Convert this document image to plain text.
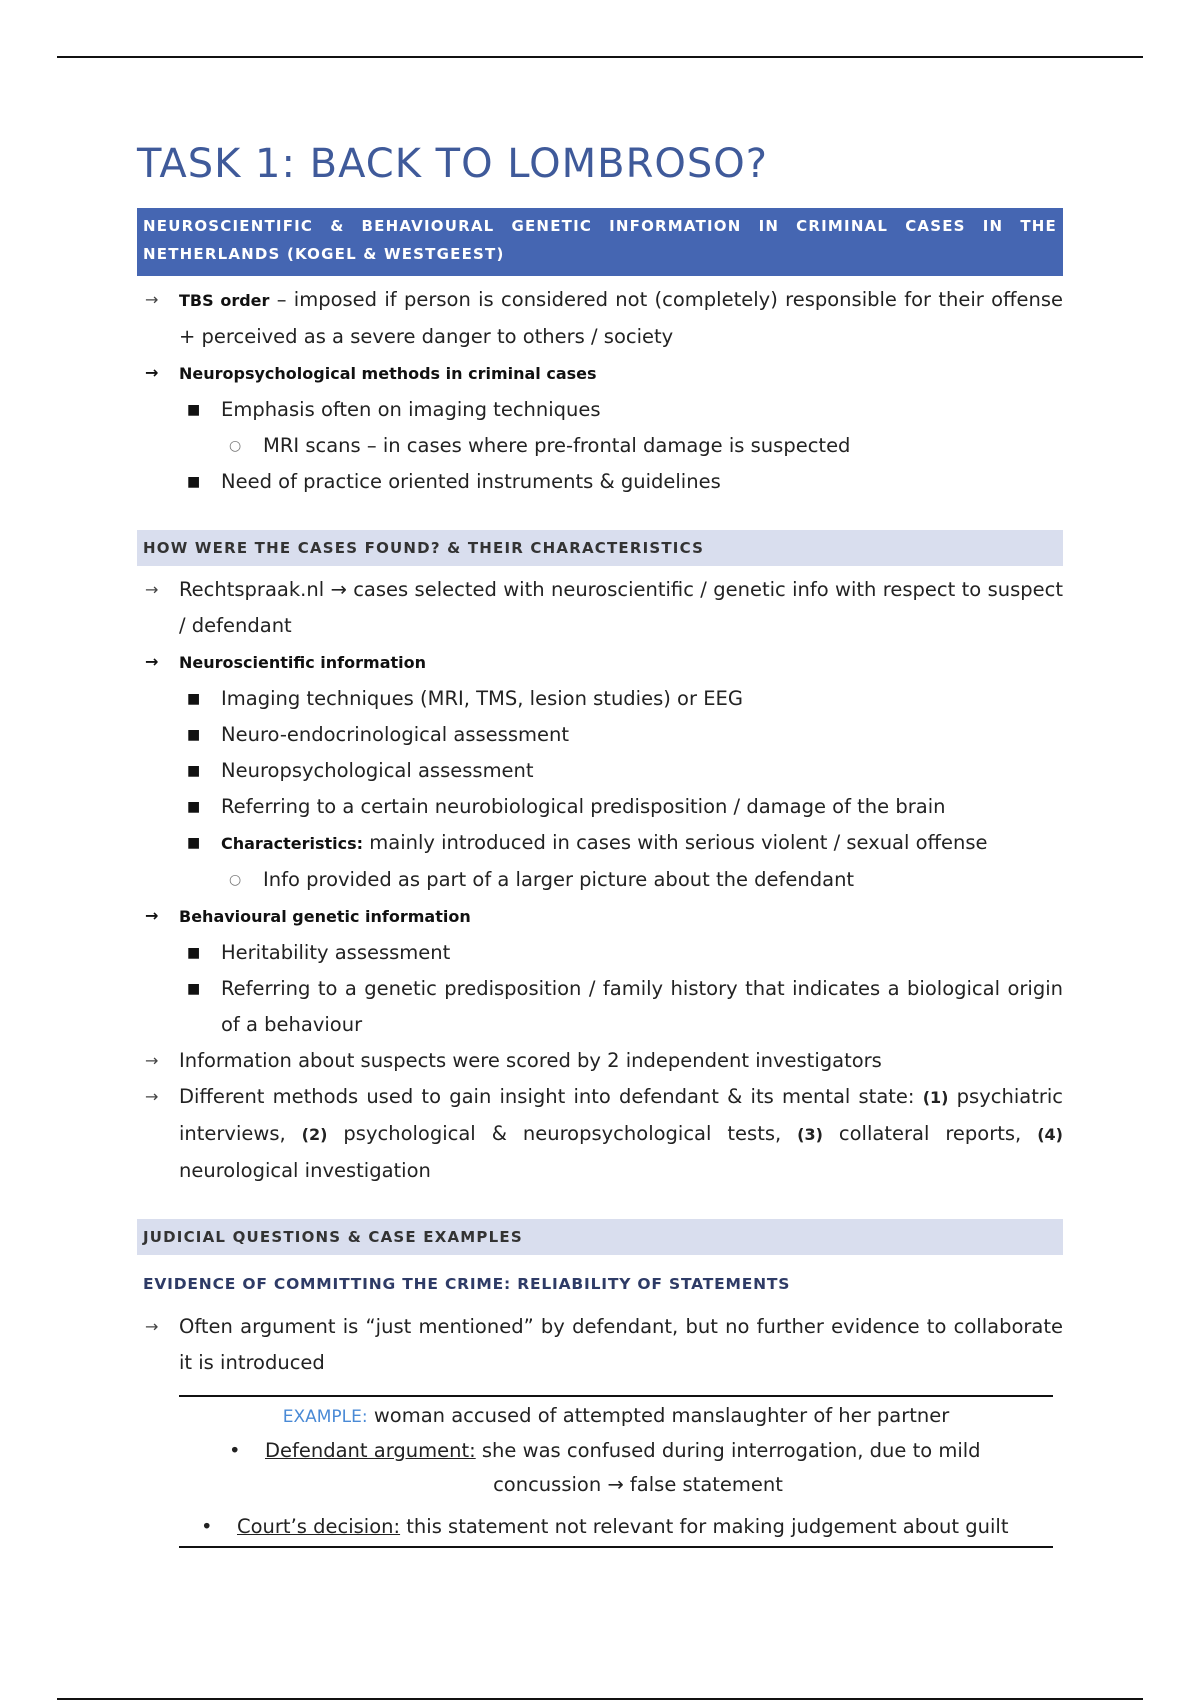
TASK 1: BACK TO LOMBROSO?
NEUROSCIENTIFIC & BEHAVIOURAL GENETIC INFORMATION IN CRIMINAL CASES IN THE NETHERLANDS (KOGEL & WESTGEEST)
→ TBS order – imposed if person is considered not (completely) responsible for their offense + perceived as a severe danger to others / society
→ Neuropsychological methods in criminal cases
■ Emphasis often on imaging techniques
○ MRI scans – in cases where pre-frontal damage is suspected
■ Need of practice oriented instruments & guidelines
HOW WERE THE CASES FOUND? & THEIR CHARACTERISTICS
→ Rechtspraak.nl → cases selected with neuroscientific / genetic info with respect to suspect / defendant
→ Neuroscientific information
■ Imaging techniques (MRI, TMS, lesion studies) or EEG
■ Neuro-endocrinological assessment
■ Neuropsychological assessment
■ Referring to a certain neurobiological predisposition / damage of the brain
■ Characteristics: mainly introduced in cases with serious violent / sexual offense
○ Info provided as part of a larger picture about the defendant
→ Behavioural genetic information
■ Heritability assessment
■ Referring to a genetic predisposition / family history that indicates a biological origin of a behaviour
→ Information about suspects were scored by 2 independent investigators
→ Different methods used to gain insight into defendant & its mental state: (1) psychiatric interviews, (2) psychological & neuropsychological tests, (3) collateral reports, (4) neurological investigation
JUDICIAL QUESTIONS & CASE EXAMPLES
EVIDENCE OF COMMITTING THE CRIME: RELIABILITY OF STATEMENTS
→ Often argument is “just mentioned” by defendant, but no further evidence to collaborate it is introduced
EXAMPLE: woman accused of attempted manslaughter of her partner
• Defendant argument: she was confused during interrogation, due to mild
concussion → false statement
• Court’s decision: this statement not relevant for making judgement about guilt
